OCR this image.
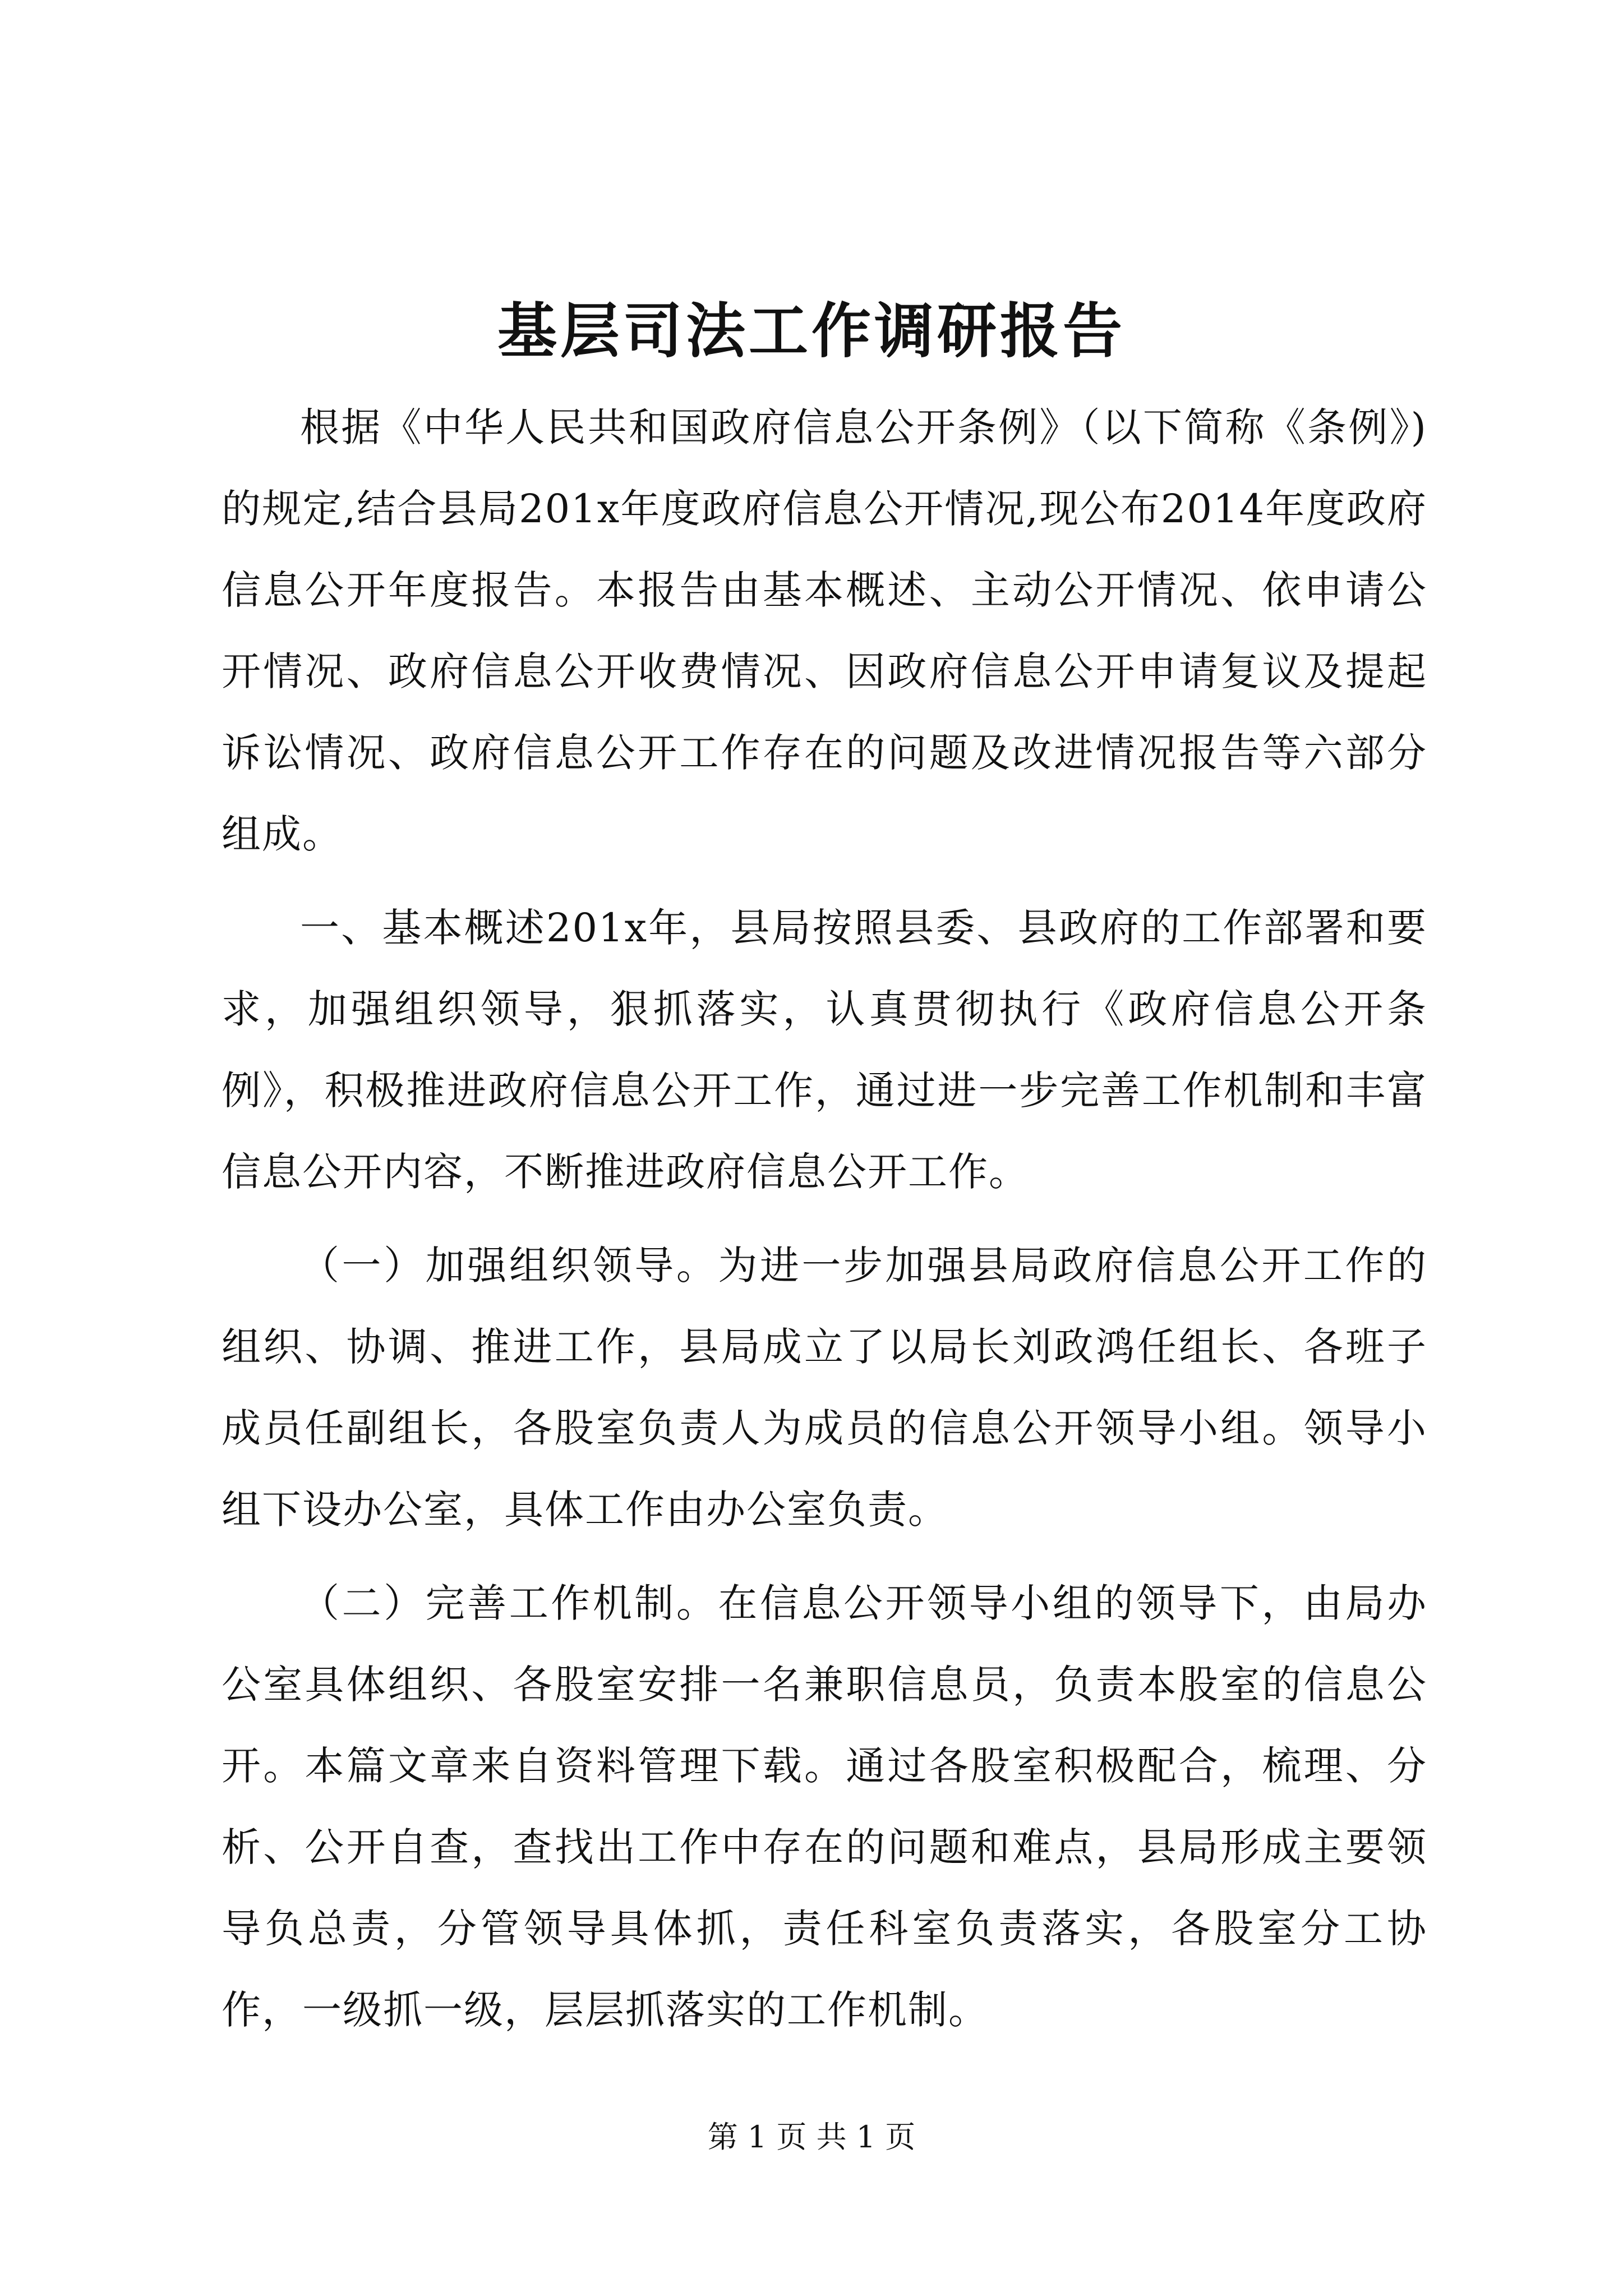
基层司法工作调研报告

根据《中华人民共和国政府信息公开条例》（以下简称《条例》)的规定,结合县局201x年度政府信息公开情况,现公布2014年度政府信息公开年度报告。本报告由基本概述、主动公开情况、依申请公开情况、政府信息公开收费情况、因政府信息公开申请复议及提起诉讼情况、政府信息公开工作存在的问题及改进情况报告等六部分组成。

一、基本概述201x年，县局按照县委、县政府的工作部署和要求，加强组织领导，狠抓落实，认真贯彻执行《政府信息公开条例》，积极推进政府信息公开工作，通过进一步完善工作机制和丰富信息公开内容，不断推进政府信息公开工作。

（一）加强组织领导。为进一步加强县局政府信息公开工作的组织、协调、推进工作，县局成立了以局长刘政鸿任组长、各班子成员任副组长，各股室负责人为成员的信息公开领导小组。领导小组下设办公室，具体工作由办公室负责。

（二）完善工作机制。在信息公开领导小组的领导下，由局办公室具体组织、各股室安排一名兼职信息员，负责本股室的信息公开。本篇文章来自资料管理下载。通过各股室积极配合，梳理、分析、公开自查，查找出工作中存在的问题和难点，县局形成主要领导负总责，分管领导具体抓，责任科室负责落实，各股室分工协作，一级抓一级，层层抓落实的工作机制。

第 1 页 共 1 页
